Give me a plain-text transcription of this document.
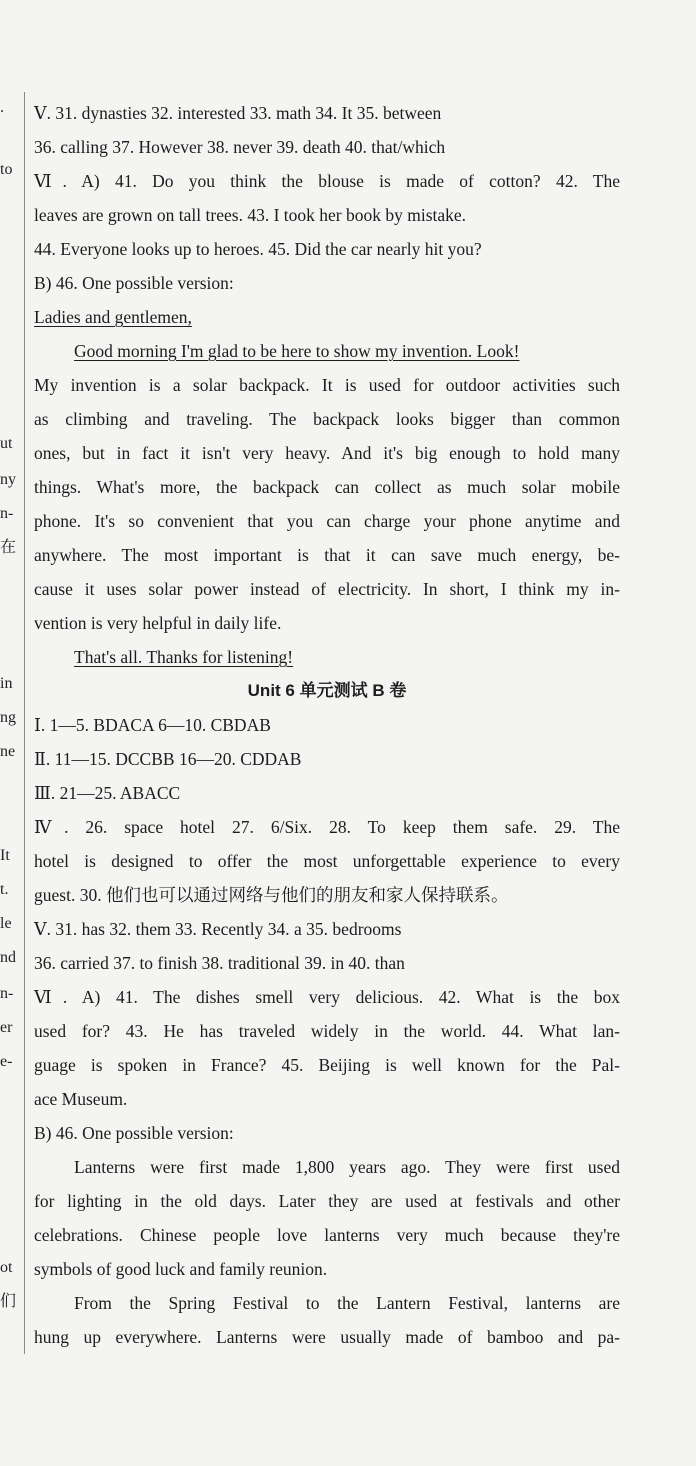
.
to
ut
ny
n-
在
in
ng
ne
It
t.
le
nd
n-
er
e-
ot
们
Ⅴ. 31. dynasties 32. interested 33. math 34. It 35. between
36. calling 37. However 38. never 39. death 40. that/which
Ⅵ. A) 41. Do you think the blouse is made of cotton? 42. The
leaves are grown on tall trees. 43. I took her book by mistake.
44. Everyone looks up to heroes. 45. Did the car nearly hit you?
B) 46. One possible version:
Ladies and gentlemen,
Good morning I'm glad to be here to show my invention. Look!
My invention is a solar backpack. It is used for outdoor activities such
as climbing and traveling. The backpack looks bigger than common
ones, but in fact it isn't very heavy. And it's big enough to hold many
things. What's more, the backpack can collect as much solar mobile
phone. It's so convenient that you can charge your phone anytime and
anywhere. The most important is that it can save much energy, be-
cause it uses solar power instead of electricity. In short, I think my in-
vention is very helpful in daily life.
That's all. Thanks for listening!
Unit 6 单元测试 B 卷
Ⅰ. 1—5. BDACA 6—10. CBDAB
Ⅱ. 11—15. DCCBB 16—20. CDDAB
Ⅲ. 21—25. ABACC
Ⅳ. 26. space hotel 27. 6/Six. 28. To keep them safe. 29. The
hotel is designed to offer the most unforgettable experience to every
guest. 30. 他们也可以通过网络与他们的朋友和家人保持联系。
Ⅴ. 31. has 32. them 33. Recently 34. a 35. bedrooms
36. carried 37. to finish 38. traditional 39. in 40. than
Ⅵ. A) 41. The dishes smell very delicious. 42. What is the box
used for? 43. He has traveled widely in the world. 44. What lan-
guage is spoken in France? 45. Beijing is well known for the Pal-
ace Museum.
B) 46. One possible version:
Lanterns were first made 1,800 years ago. They were first used
for lighting in the old days. Later they are used at festivals and other
celebrations. Chinese people love lanterns very much because they're
symbols of good luck and family reunion.
From the Spring Festival to the Lantern Festival, lanterns are
hung up everywhere. Lanterns were usually made of bamboo and pa-
